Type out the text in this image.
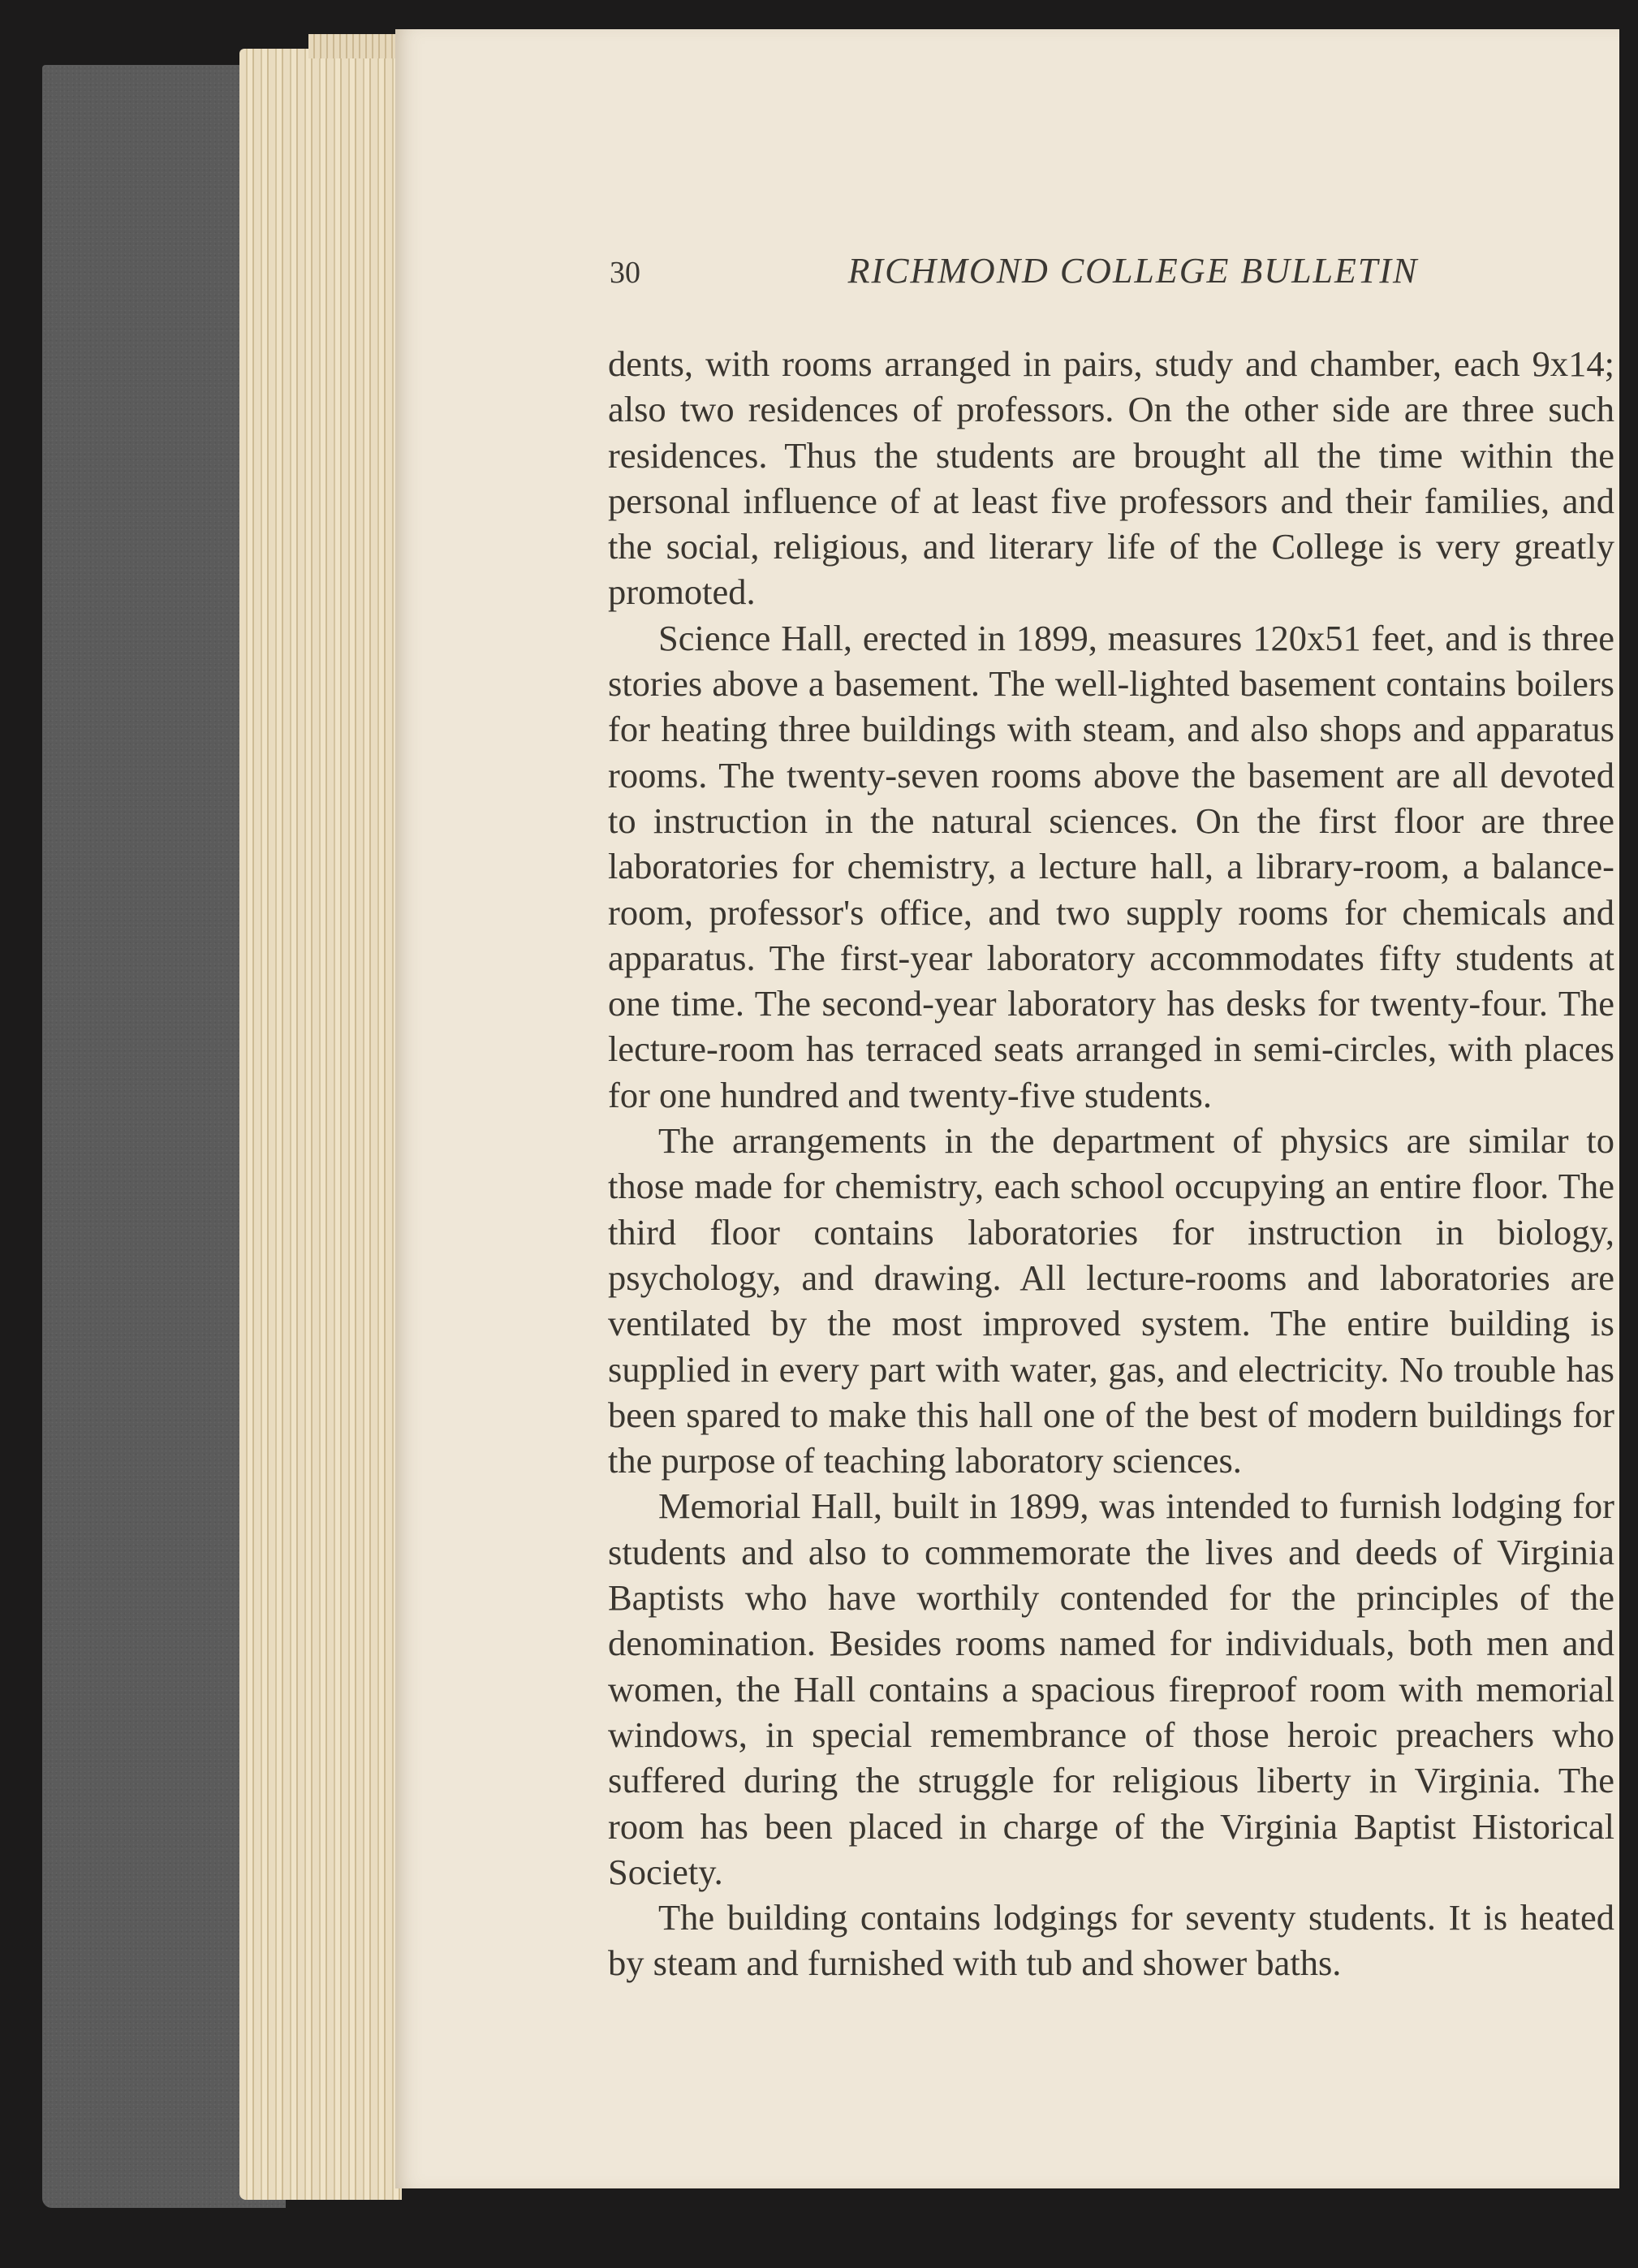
30	RICHMOND COLLEGE BULLETIN

dents, with rooms arranged in pairs, study and chamber, each 9x14; also two residences of professors. On the other side are three such residences. Thus the students are brought all the time within the personal influence of at least five professors and their families, and the social, religious, and literary life of the College is very greatly promoted.

Science Hall, erected in 1899, measures 120x51 feet, and is three stories above a basement. The well-lighted basement contains boilers for heating three buildings with steam, and also shops and apparatus rooms. The twenty-seven rooms above the basement are all devoted to instruction in the natural sciences. On the first floor are three laboratories for chemistry, a lecture hall, a library-room, a balance-room, professor's office, and two supply rooms for chemicals and apparatus. The first-year laboratory accommodates fifty students at one time. The second-year laboratory has desks for twenty-four. The lecture-room has terraced seats arranged in semi-circles, with places for one hundred and twenty-five students.

The arrangements in the department of physics are similar to those made for chemistry, each school occupying an entire floor. The third floor contains laboratories for instruction in biology, psychology, and drawing. All lecture-rooms and laboratories are ventilated by the most improved system. The entire building is supplied in every part with water, gas, and electricity. No trouble has been spared to make this hall one of the best of modern buildings for the purpose of teaching laboratory sciences.

Memorial Hall, built in 1899, was intended to furnish lodging for students and also to commemorate the lives and deeds of Virginia Baptists who have worthily contended for the principles of the denomination. Besides rooms named for individuals, both men and women, the Hall contains a spacious fireproof room with memorial windows, in special remembrance of those heroic preachers who suffered during the struggle for religious liberty in Virginia. The room has been placed in charge of the Virginia Baptist Historical Society.

The building contains lodgings for seventy students. It is heated by steam and furnished with tub and shower baths.
